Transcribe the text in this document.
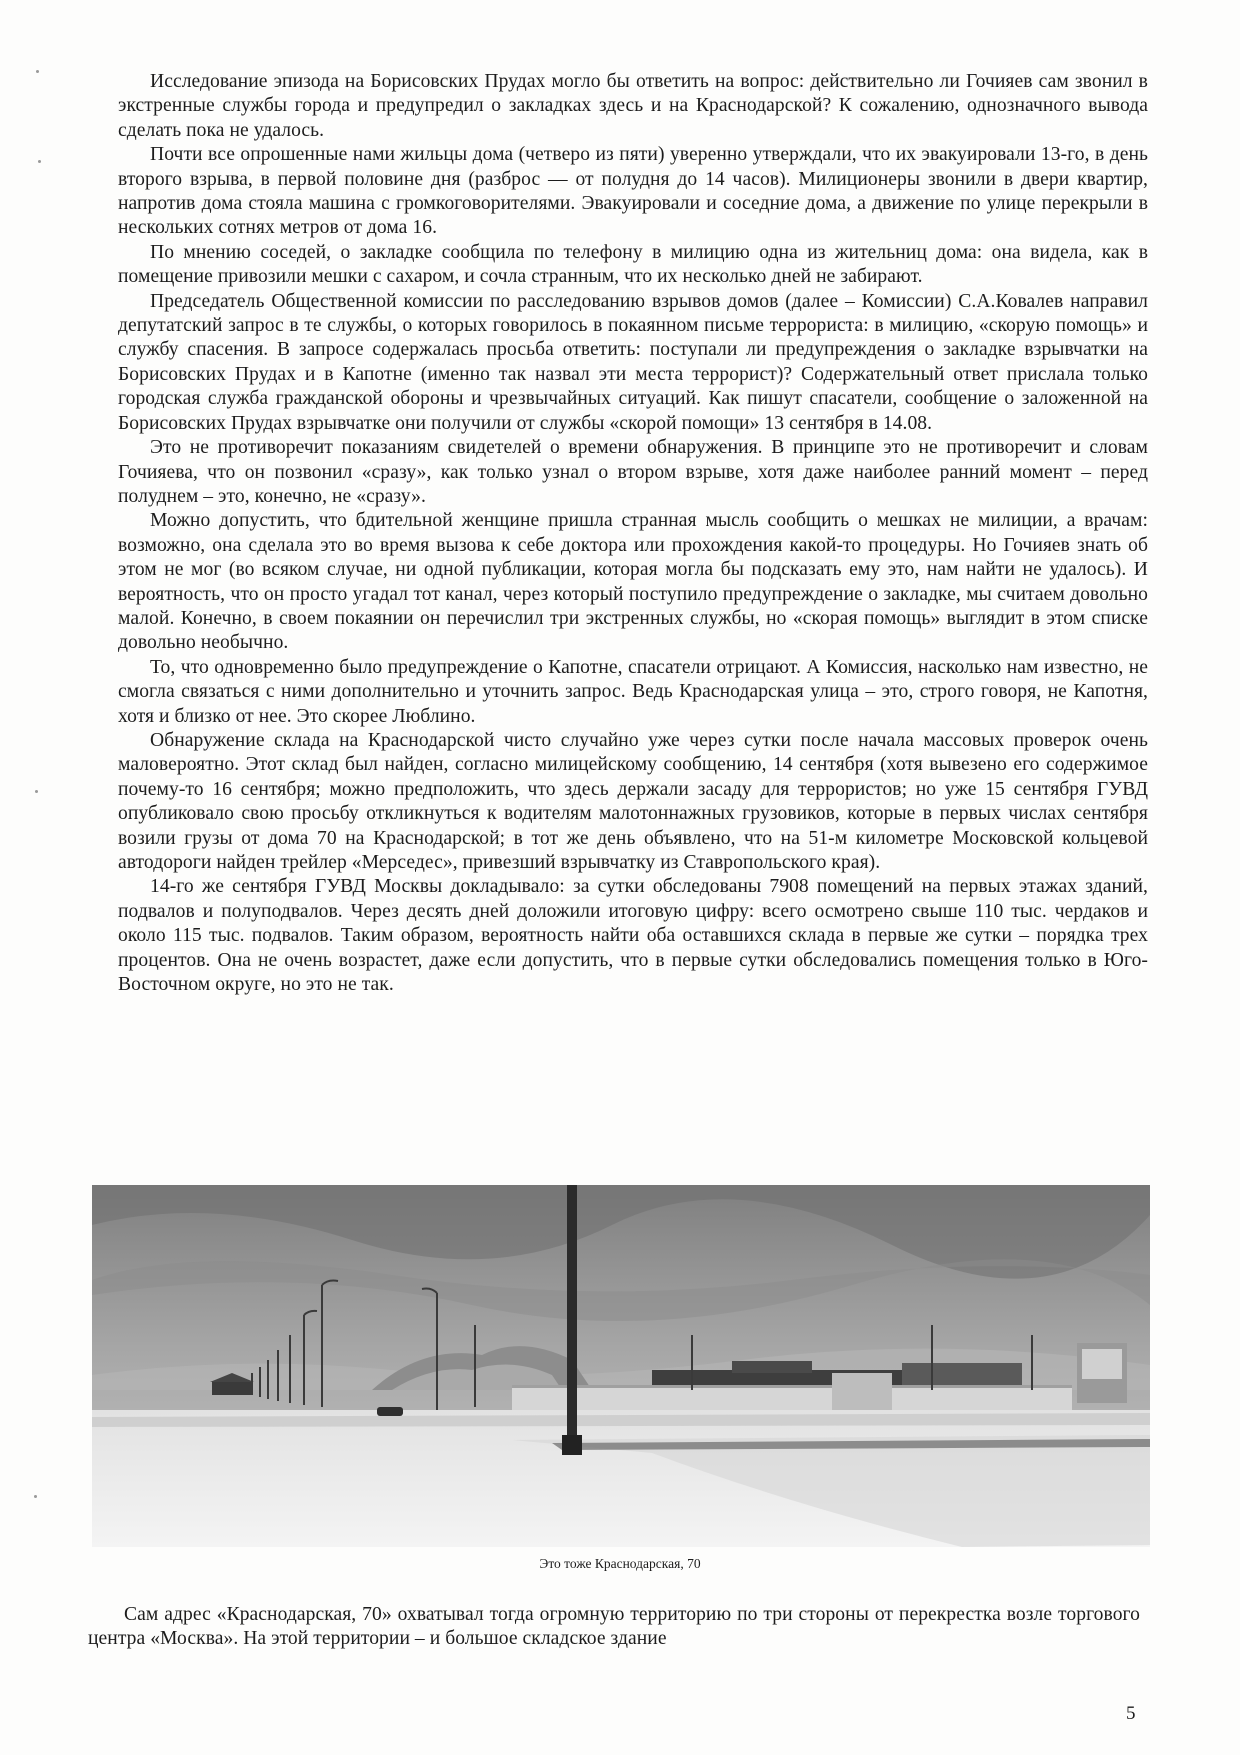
Исследование эпизода на Борисовских Прудах могло бы ответить на вопрос: действительно ли Гочияев сам звонил в экстренные службы города и предупредил о закладках здесь и на Краснодарской? К сожалению, однозначного вывода сделать пока не удалось.

Почти все опрошенные нами жильцы дома (четверо из пяти) уверенно утверждали, что их эвакуировали 13-го, в день второго взрыва, в первой половине дня (разброс — от полудня до 14 часов). Милиционеры звонили в двери квартир, напротив дома стояла машина с громкоговорителями. Эвакуировали и соседние дома, а движение по улице перекрыли в нескольких сотнях метров от дома 16.

По мнению соседей, о закладке сообщила по телефону в милицию одна из жительниц дома: она видела, как в помещение привозили мешки с сахаром, и сочла странным, что их несколько дней не забирают.

Председатель Общественной комиссии по расследованию взрывов домов (далее – Комиссии) С.А.Ковалев направил депутатский запрос в те службы, о которых говорилось в покаянном письме террориста: в милицию, «скорую помощь» и службу спасения. В запросе содержалась просьба ответить: поступали ли предупреждения о закладке взрывчатки на Борисовских Прудах и в Капотне (именно так назвал эти места террорист)? Содержательный ответ прислала только городская служба гражданской обороны и чрезвычайных ситуаций. Как пишут спасатели, сообщение о заложенной на Борисовских Прудах взрывчатке они получили от службы «скорой помощи» 13 сентября в 14.08.

Это не противоречит показаниям свидетелей о времени обнаружения. В принципе это не противоречит и словам Гочияева, что он позвонил «сразу», как только узнал о втором взрыве, хотя даже наиболее ранний момент – перед полуднем – это, конечно, не «сразу».

Можно допустить, что бдительной женщине пришла странная мысль сообщить о мешках не милиции, а врачам: возможно, она сделала это во время вызова к себе доктора или прохождения какой-то процедуры. Но Гочияев знать об этом не мог (во всяком случае, ни одной публикации, которая могла бы подсказать ему это, нам найти не удалось). И вероятность, что он просто угадал тот канал, через который поступило предупреждение о закладке, мы считаем довольно малой. Конечно, в своем покаянии он перечислил три экстренных службы, но «скорая помощь» выглядит в этом списке довольно необычно.

То, что одновременно было предупреждение о Капотне, спасатели отрицают. А Комиссия, насколько нам известно, не смогла связаться с ними дополнительно и уточнить запрос. Ведь Краснодарская улица – это, строго говоря, не Капотня, хотя и близко от нее. Это скорее Люблино.

Обнаружение склада на Краснодарской чисто случайно уже через сутки после начала массовых проверок очень маловероятно. Этот склад был найден, согласно милицейскому сообщению, 14 сентября (хотя вывезено его содержимое почему-то 16 сентября; можно предположить, что здесь держали засаду для террористов; но уже 15 сентября ГУВД опубликовало свою просьбу откликнуться к водителям малотоннажных грузовиков, которые в первых числах сентября возили грузы от дома 70 на Краснодарской; в тот же день объявлено, что на 51-м километре Московской кольцевой автодороги найден трейлер «Мерседес», привезший взрывчатку из Ставропольского края).

14-го же сентября ГУВД Москвы докладывало: за сутки обследованы 7908 помещений на первых этажах зданий, подвалов и полуподвалов. Через десять дней доложили итоговую цифру: всего осмотрено свыше 110 тыс. чердаков и около 115 тыс. подвалов. Таким образом, вероятность найти оба оставшихся склада в первые же сутки – порядка трех процентов. Она не очень возрастет, даже если допустить, что в первые сутки обследовались помещения только в Юго-Восточном округе, но это не так.

Это тоже Краснодарская, 70

Сам адрес «Краснодарская, 70» охватывал тогда огромную территорию по три стороны от перекрестка возле торгового центра «Москва». На этой территории – и большое складское здание

5
